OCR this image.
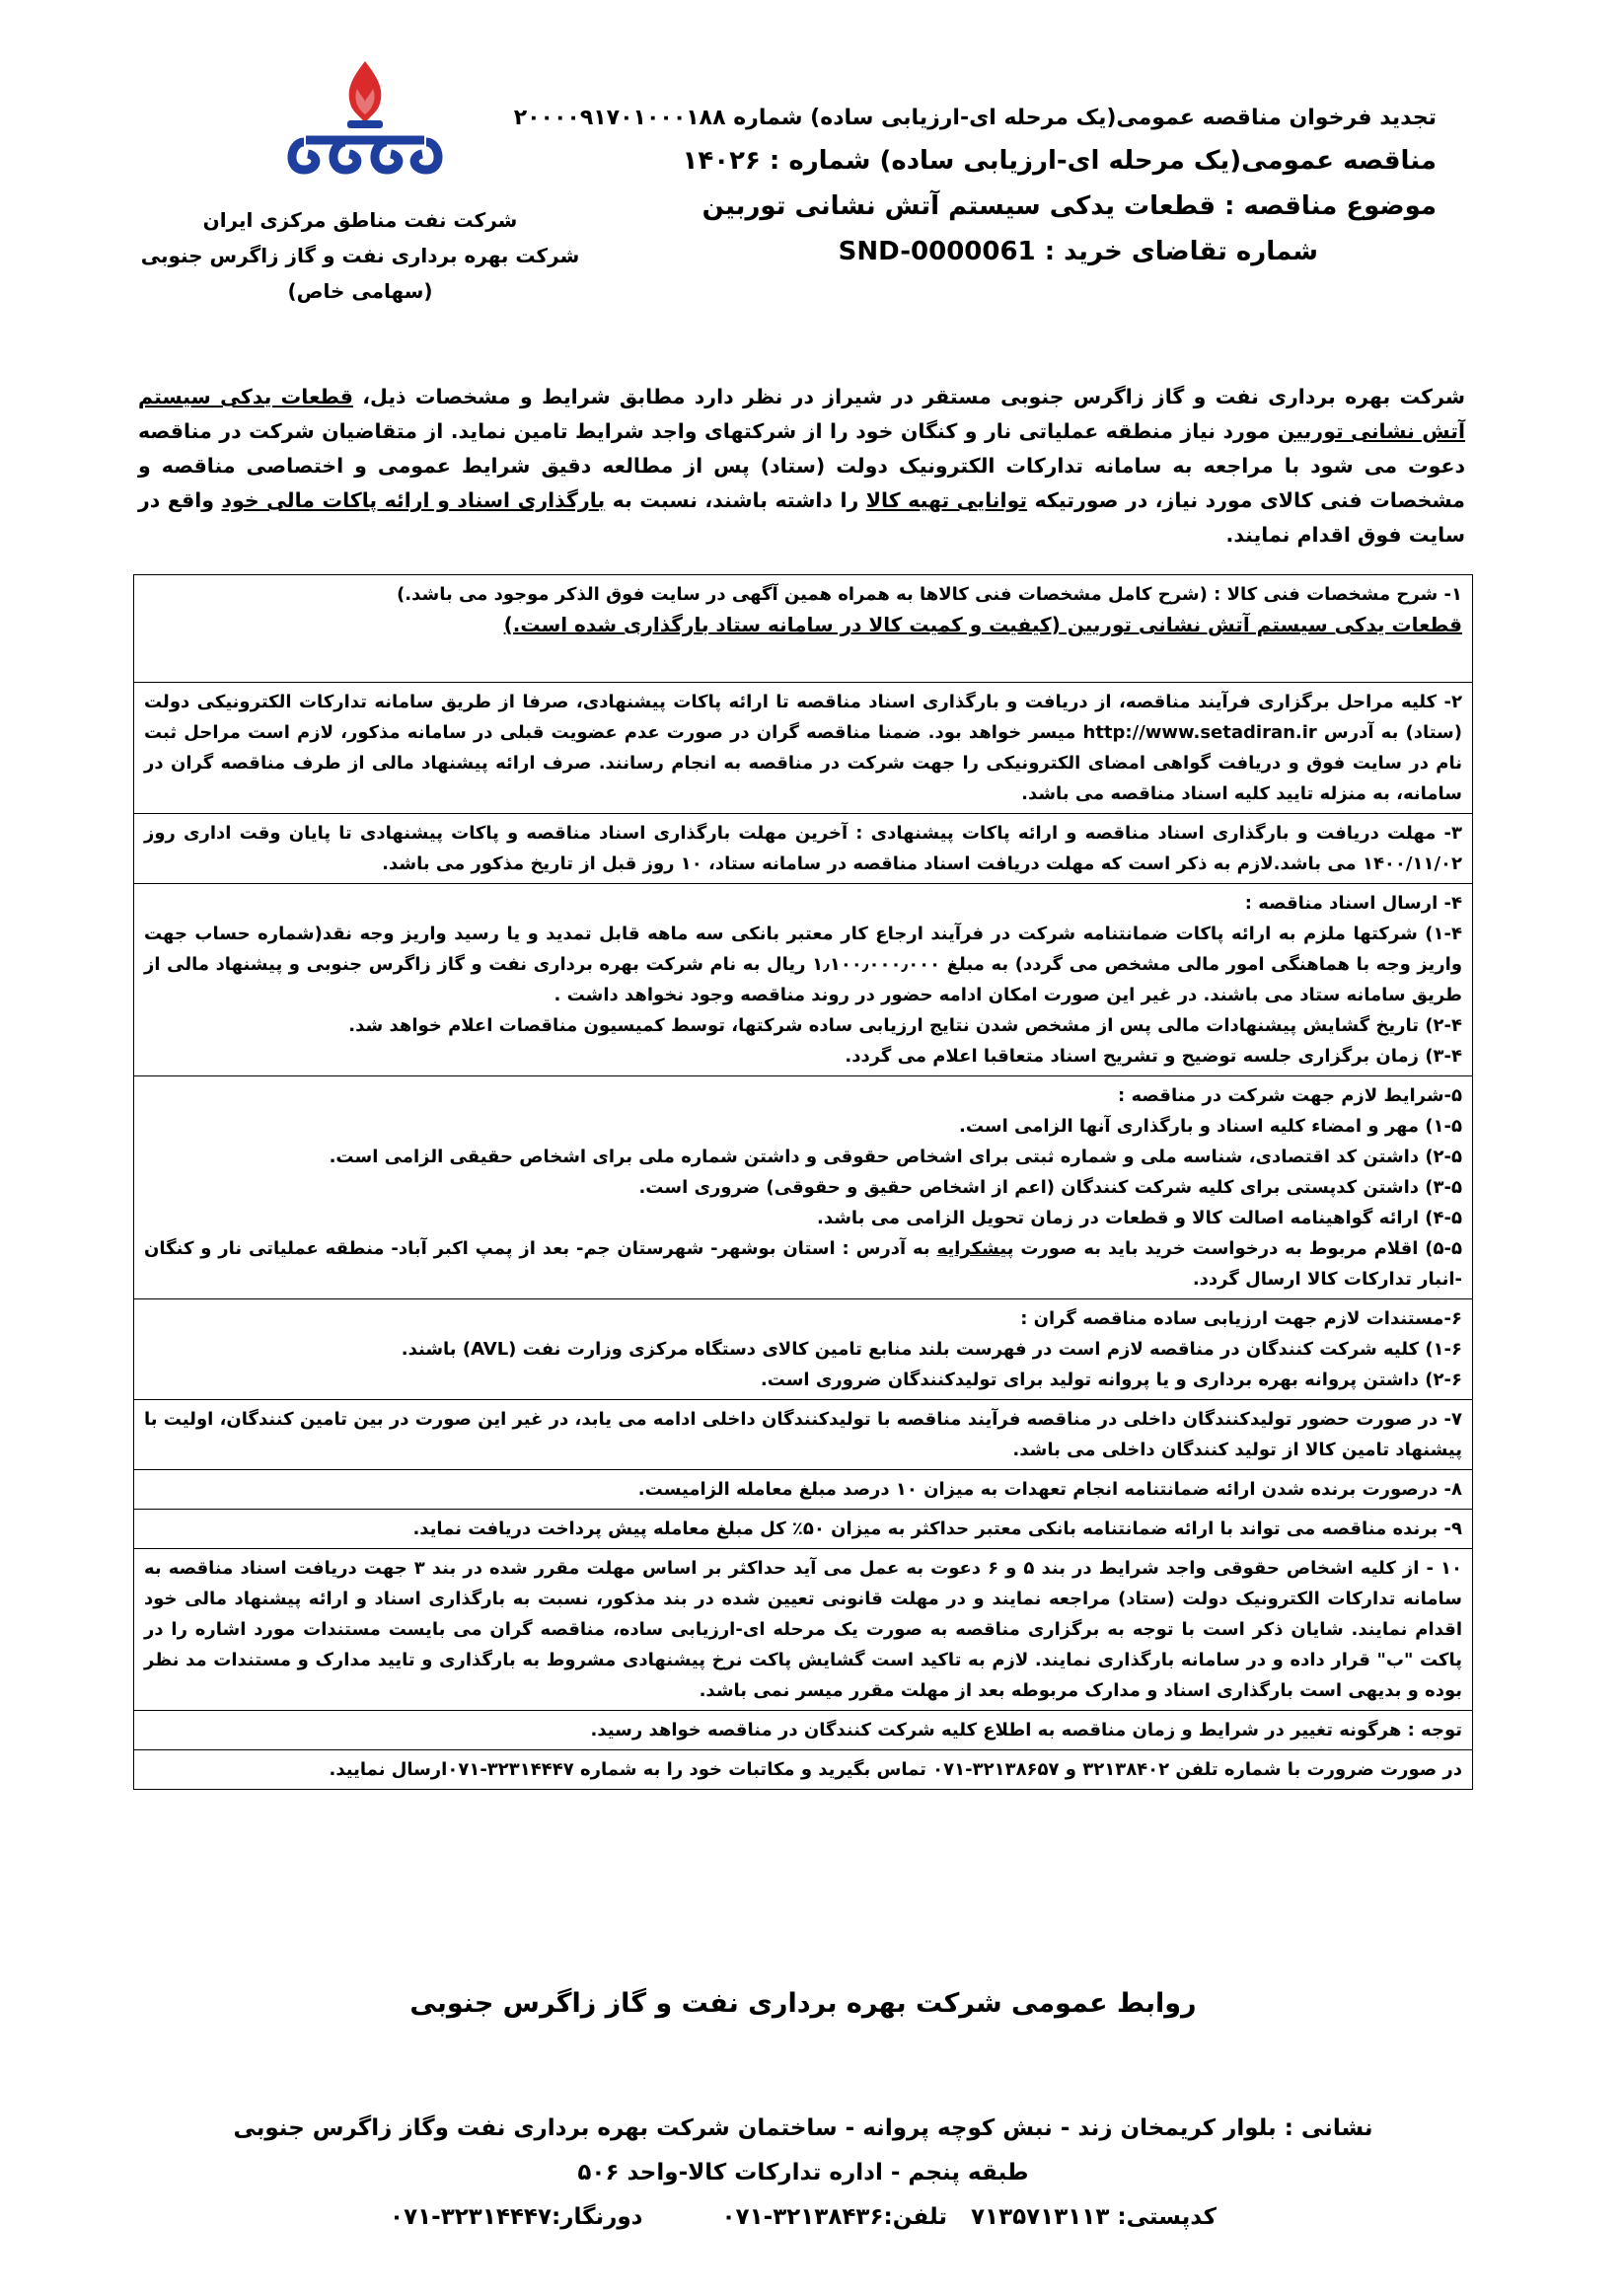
شرکت نفت مناطق مرکزی ایران
شرکت بهره برداری نفت و گاز زاگرس جنوبی
(سهامی خاص)
تجدید فرخوان مناقصه عمومی(یک مرحله ای-ارزیابی ساده) شماره ۲۰۰۰۰۹۱۷۰۱۰۰۰۱۸۸
مناقصه عمومی(یک مرحله ای-ارزیابی ساده) شماره : ۱۴۰۲۶
موضوع مناقصه : قطعات یدکی سیستم آتش نشانی توربین
شماره تقاضای خرید : SND-0000061
شرکت بهره برداری نفت و گاز زاگرس جنوبی مستقر در شیراز در نظر دارد مطابق شرایط و مشخصات ذیل، قطعات یدکی سیستم آتش نشانی توربین مورد نیاز منطقه عملیاتی نار و کنگان خود را از شرکتهای واجد شرایط تامین نماید. از متقاضیان شرکت در مناقصه دعوت می شود با مراجعه به سامانه تدارکات الکترونیک دولت (ستاد) پس از مطالعه دقیق شرایط عمومی و اختصاصی مناقصه و مشخصات فنی کالای مورد نیاز، در صورتیکه توانایی تهیه کالا را داشته باشند، نسبت به بارگذاری اسناد و ارائه پاکات مالی خود واقع در سایت فوق اقدام نمایند.

۱- شرح مشخصات فنی کالا : (شرح کامل مشخصات فنی کالاها به همراه همین آگهی در سایت فوق الذکر موجود می باشد.)

قطعات یدکی سیستم آتش نشانی توربین (کیفیت و کمیت کالا در سامانه ستاد بارگذاری شده است.)

۲- کلیه مراحل برگزاری فرآیند مناقصه، از دریافت و بارگذاری اسناد مناقصه تا ارائه پاکات پیشنهادی، صرفا از طریق سامانه تدارکات الکترونیکی دولت (ستاد) به آدرس http://www.setadiran.ir میسر خواهد بود. ضمنا مناقصه گران در صورت عدم عضویت قبلی در سامانه مذکور، لازم است مراحل ثبت نام در سایت فوق و دریافت گواهی امضای الکترونیکی را جهت شرکت در مناقصه به انجام رسانند. صرف ارائه پیشنهاد مالی از طرف مناقصه گران در سامانه، به منزله تایید کلیه اسناد مناقصه می باشد.

۳- مهلت دریافت و بارگذاری اسناد مناقصه و ارائه پاکات پیشنهادی : آخرین مهلت بارگذاری اسناد مناقصه و پاکات پیشنهادی تا پایان وقت اداری روز ۱۴۰۰/۱۱/۰۲ می باشد.لازم به ذکر است که مهلت دریافت اسناد مناقصه در سامانه ستاد، ۱۰ روز قبل از تاریخ مذکور می باشد.

۴- ارسال اسناد مناقصه :

۱-۴) شرکتها ملزم به ارائه پاکات ضمانتنامه شرکت در فرآیند ارجاع کار معتبر بانکی سه ماهه قابل تمدید و یا رسید واریز وجه نقد(شماره حساب جهت واریز وجه با هماهنگی امور مالی مشخص می گردد) به مبلغ ۱٫۱۰۰٫۰۰۰٫۰۰۰ ریال به نام شرکت بهره برداری نفت و گاز زاگرس جنوبی و پیشنهاد مالی از طریق سامانه ستاد می باشند. در غیر این صورت امکان ادامه حضور در روند مناقصه وجود نخواهد داشت .

۲-۴) تاریخ گشایش پیشنهادات مالی پس از مشخص شدن نتایج ارزیابی ساده شرکتها، توسط کمیسیون مناقصات اعلام خواهد شد.

۳-۴) زمان برگزاری جلسه توضیح و تشریح اسناد متعاقبا اعلام می گردد.

۵-شرایط لازم جهت شرکت در مناقصه :

۱-۵) مهر و امضاء کلیه اسناد و بارگذاری آنها الزامی است.

۲-۵) داشتن کد اقتصادی، شناسه ملی و شماره ثبتی برای اشخاص حقوقی و داشتن شماره ملی برای اشخاص حقیقی الزامی است.

۳-۵) داشتن کدپستی برای کلیه شرکت کنندگان (اعم از اشخاص حقیق و حقوقی) ضروری است.

۴-۵) ارائه گواهینامه اصالت کالا و قطعات در زمان تحویل الزامی می باشد.

۵-۵) اقلام مربوط به درخواست خرید باید به صورت پیشکرایه به آدرس : استان بوشهر- شهرستان جم- بعد از پمپ اکبر آباد- منطقه عملیاتی نار و کنگان -انبار تدارکات کالا ارسال گردد.

۶-مستندات لازم جهت ارزیابی ساده مناقصه گران :

۱-۶) کلیه شرکت کنندگان در مناقصه لازم است در فهرست بلند منابع تامین کالای دستگاه مرکزی وزارت نفت (AVL) باشند.

۲-۶) داشتن پروانه بهره برداری و یا پروانه تولید برای تولیدکنندگان ضروری است.

۷- در صورت حضور تولیدکنندگان داخلی در مناقصه فرآیند مناقصه با تولیدکنندگان داخلی ادامه می یابد، در غیر این صورت در بین تامین کنندگان، اولیت با پیشنهاد تامین کالا از تولید کنندگان داخلی می باشد.

۸- درصورت برنده شدن ارائه ضمانتنامه انجام تعهدات به میزان ۱۰ درصد مبلغ معامله الزامیست.

۹- برنده مناقصه می تواند با ارائه ضمانتنامه بانکی معتبر حداکثر به میزان ۵۰٪ کل مبلغ معامله پیش پرداخت دریافت نماید.

۱۰ - از کلیه اشخاص حقوقی واجد شرایط در بند ۵ و ۶ دعوت به عمل می آید حداکثر بر اساس مهلت مقرر شده در بند ۳ جهت دریافت اسناد مناقصه به سامانه تدارکات الکترونیک دولت (ستاد) مراجعه نمایند و در مهلت قانونی تعیین شده در بند مذکور، نسبت به بارگذاری اسناد و ارائه پیشنهاد مالی خود اقدام نمایند. شایان ذکر است با توجه به برگزاری مناقصه به صورت یک مرحله ای-ارزیابی ساده، مناقصه گران می بایست مستندات مورد اشاره را در پاکت "ب" قرار داده و در سامانه بارگذاری نمایند. لازم به تاکید است گشایش پاکت نرخ پیشنهادی مشروط به بارگذاری و تایید مدارک و مستندات مد نظر بوده و بدیهی است بارگذاری اسناد و مدارک مربوطه بعد از مهلت مقرر میسر نمی باشد.

توجه : هرگونه تغییر در شرایط و زمان مناقصه به اطلاع کلیه شرکت کنندگان در مناقصه خواهد رسید.

در صورت ضرورت با شماره تلفن ۳۲۱۳۸۴۰۲ و ۳۲۱۳۸۶۵۷-۰۷۱ تماس بگیرید و مکاتبات خود را به شماره ۳۲۳۱۴۴۴۷-۰۷۱ارسال نمایید.

روابط عمومی شرکت بهره برداری نفت و گاز زاگرس جنوبی
نشانی : بلوار کریمخان زند - نبش کوچه پروانه - ساختمان شرکت بهره برداری نفت وگاز زاگرس جنوبی
طبقه پنجم - اداره تدارکات کالا-واحد ۵۰۶
کدپستی: ۷۱۳۵۷۱۳۱۱۳   تلفن:۳۲۱۳۸۴۳۶-۰۷۱          دورنگار:۳۲۳۱۴۴۴۷-۰۷۱
